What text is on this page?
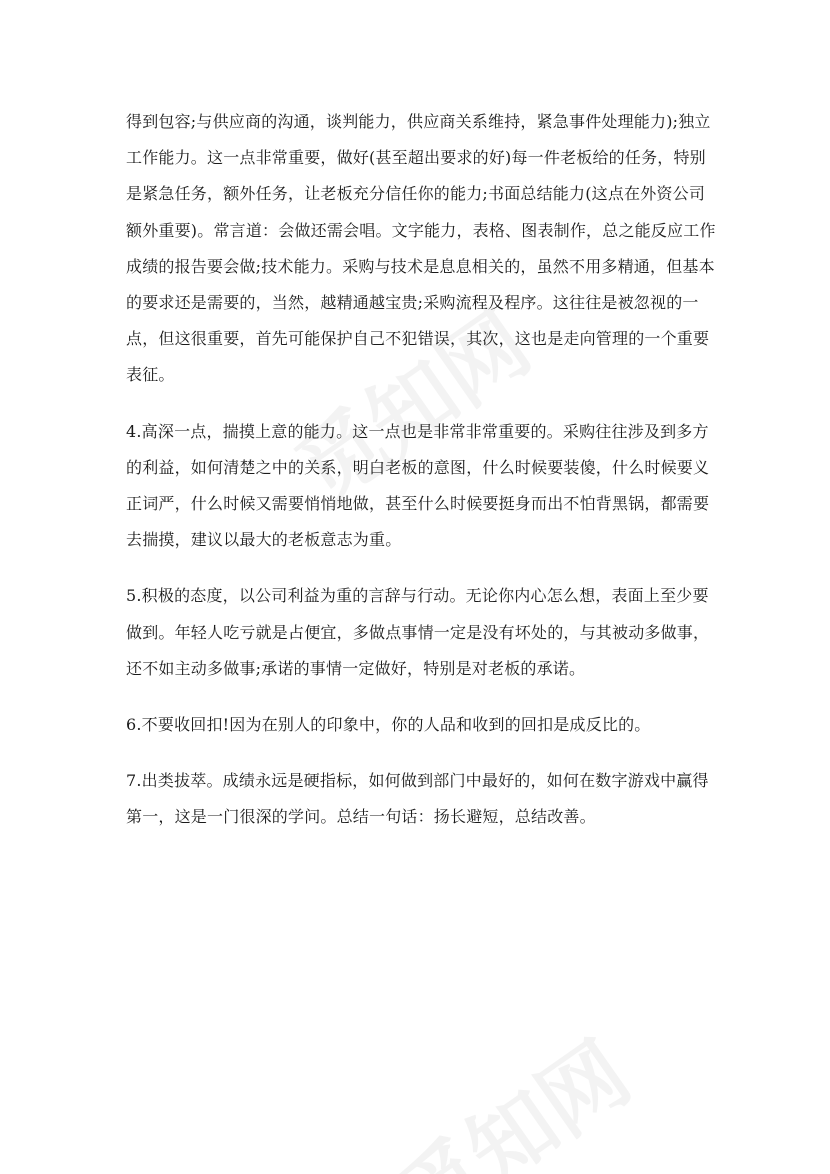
得到包容;与供应商的沟通，谈判能力，供应商关系维持，紧急事件处理能力);独立工作能力。这一点非常重要，做好(甚至超出要求的好)每一件老板给的任务，特别是紧急任务，额外任务，让老板充分信任你的能力;书面总结能力(这点在外资公司额外重要)。常言道：会做还需会唱。文字能力，表格、图表制作，总之能反应工作成绩的报告要会做;技术能力。采购与技术是息息相关的，虽然不用多精通，但基本的要求还是需要的，当然，越精通越宝贵;采购流程及程序。这往往是被忽视的一点，但这很重要，首先可能保护自己不犯错误，其次，这也是走向管理的一个重要表征。

4.高深一点，揣摸上意的能力。这一点也是非常非常重要的。采购往往涉及到多方的利益，如何清楚之中的关系，明白老板的意图，什么时候要装傻，什么时候要义正词严，什么时候又需要悄悄地做，甚至什么时候要挺身而出不怕背黑锅，都需要去揣摸，建议以最大的老板意志为重。

5.积极的态度，以公司利益为重的言辞与行动。无论你内心怎么想，表面上至少要做到。年轻人吃亏就是占便宜，多做点事情一定是没有坏处的，与其被动多做事，还不如主动多做事;承诺的事情一定做好，特别是对老板的承诺。

6.不要收回扣!因为在别人的印象中，你的人品和收到的回扣是成反比的。

7.出类拔萃。成绩永远是硬指标，如何做到部门中最好的，如何在数字游戏中赢得第一，这是一门很深的学问。总结一句话：扬长避短，总结改善。
